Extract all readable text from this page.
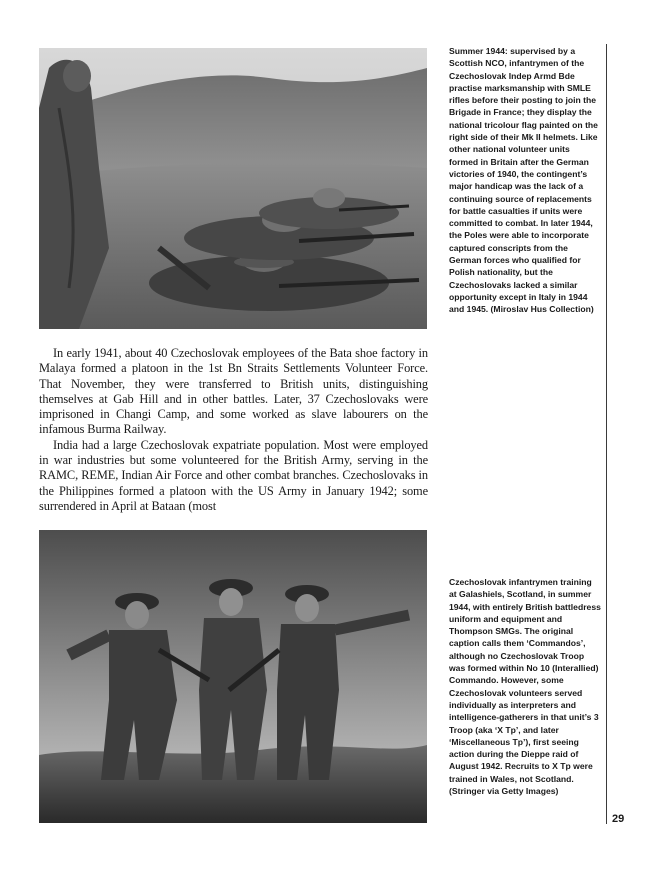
Summer 1944: supervised by a Scottish NCO, infantrymen of the Czechoslovak Indep Armd Bde practise marksmanship with SMLE rifles before their posting to join the Brigade in France; they display the national tricolour flag painted on the right side of their Mk II helmets. Like other national volunteer units formed in Britain after the German victories of 1940, the contingent’s major handicap was the lack of a continuing source of replacements for battle casualties if units were committed to combat. In later 1944, the Poles were able to incorporate captured conscripts from the German forces who qualified for Polish nationality, but the Czechoslovaks lacked a similar opportunity except in Italy in 1944 and 1945. (Miroslav Hus Collection)

In early 1941, about 40 Czechoslovak employees of the Bata shoe factory in Malaya formed a platoon in the 1st Bn Straits Settlements Volunteer Force. That November, they were transferred to British units, distinguishing themselves at Gab Hill and in other battles. Later, 37 Czechoslovaks were imprisoned in Changi Camp, and some worked as slave labourers on the infamous Burma Railway.

India had a large Czechoslovak expatriate population. Most were employed in war industries but some volunteered for the British Army, serving in the RAMC, REME, Indian Air Force and other combat branches. Czechoslovaks in the Philippines formed a platoon with the US Army in January 1942; some surrendered in April at Bataan (most

Czechoslovak infantrymen training at Galashiels, Scotland, in summer 1944, with entirely British battledress uniform and equipment and Thompson SMGs. The original caption calls them ‘Commandos’, although no Czechoslovak Troop was formed within No 10 (Interallied) Commando. However, some Czechoslovak volunteers served individually as interpreters and intelligence-gatherers in that unit’s 3 Troop (aka ‘X Tp’, and later ‘Miscellaneous Tp’), first seeing action during the Dieppe raid of August 1942. Recruits to X Tp were trained in Wales, not Scotland. (Stringer via Getty Images)

29
